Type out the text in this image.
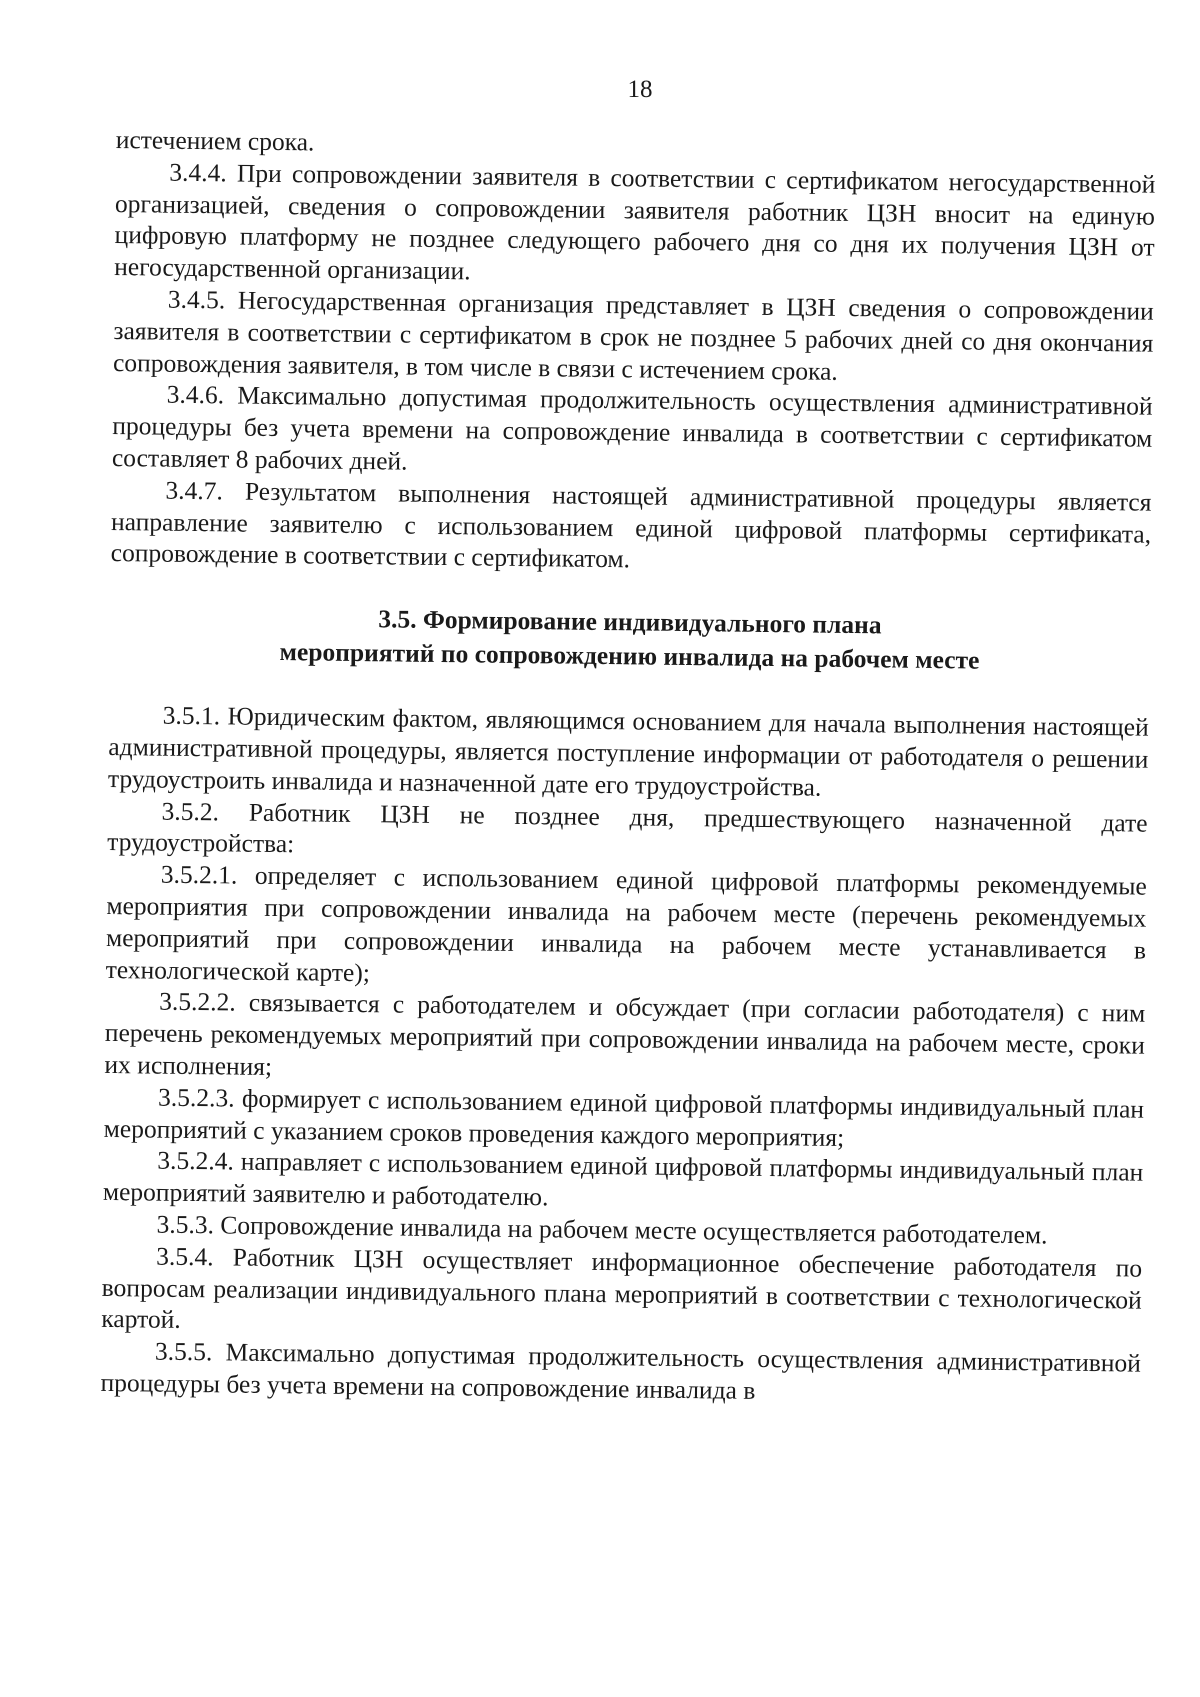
18

истечением срока.

3.4.4. При сопровождении заявителя в соответствии с сертификатом негосударственной организацией, сведения о сопровождении заявителя работник ЦЗН вносит на единую цифровую платформу не позднее следующего рабочего дня со дня их получения ЦЗН от негосударственной организации.

3.4.5. Негосударственная организация представляет в ЦЗН сведения о сопровождении заявителя в соответствии с сертификатом в срок не позднее 5 рабочих дней со дня окончания сопровождения заявителя, в том числе в связи с истечением срока.

3.4.6. Максимально допустимая продолжительность осуществления административной процедуры без учета времени на сопровождение инвалида в соответствии с сертификатом составляет 8 рабочих дней.

3.4.7. Результатом выполнения настоящей административной процедуры является направление заявителю с использованием единой цифровой платформы сертификата, сопровождение в соответствии с сертификатом.

3.5. Формирование индивидуального плана
мероприятий по сопровождению инвалида на рабочем месте

3.5.1. Юридическим фактом, являющимся основанием для начала выполнения настоящей административной процедуры, является поступление информации от работодателя о решении трудоустроить инвалида и назначенной дате его трудоустройства.

3.5.2. Работник ЦЗН не позднее дня, предшествующего назначенной дате трудоустройства:

3.5.2.1. определяет с использованием единой цифровой платформы рекомендуемые мероприятия при сопровождении инвалида на рабочем месте (перечень рекомендуемых мероприятий при сопровождении инвалида на рабочем месте устанавливается в технологической карте);

3.5.2.2. связывается с работодателем и обсуждает (при согласии работодателя) с ним перечень рекомендуемых мероприятий при сопровождении инвалида на рабочем месте, сроки их исполнения;

3.5.2.3. формирует с использованием единой цифровой платформы индивидуальный план мероприятий с указанием сроков проведения каждого мероприятия;

3.5.2.4. направляет с использованием единой цифровой платформы индивидуальный план мероприятий заявителю и работодателю.

3.5.3. Сопровождение инвалида на рабочем месте осуществляется работодателем.

3.5.4. Работник ЦЗН осуществляет информационное обеспечение работодателя по вопросам реализации индивидуального плана мероприятий в соответствии с технологической картой.

3.5.5. Максимально допустимая продолжительность осуществления административной процедуры без учета времени на сопровождение инвалида в
